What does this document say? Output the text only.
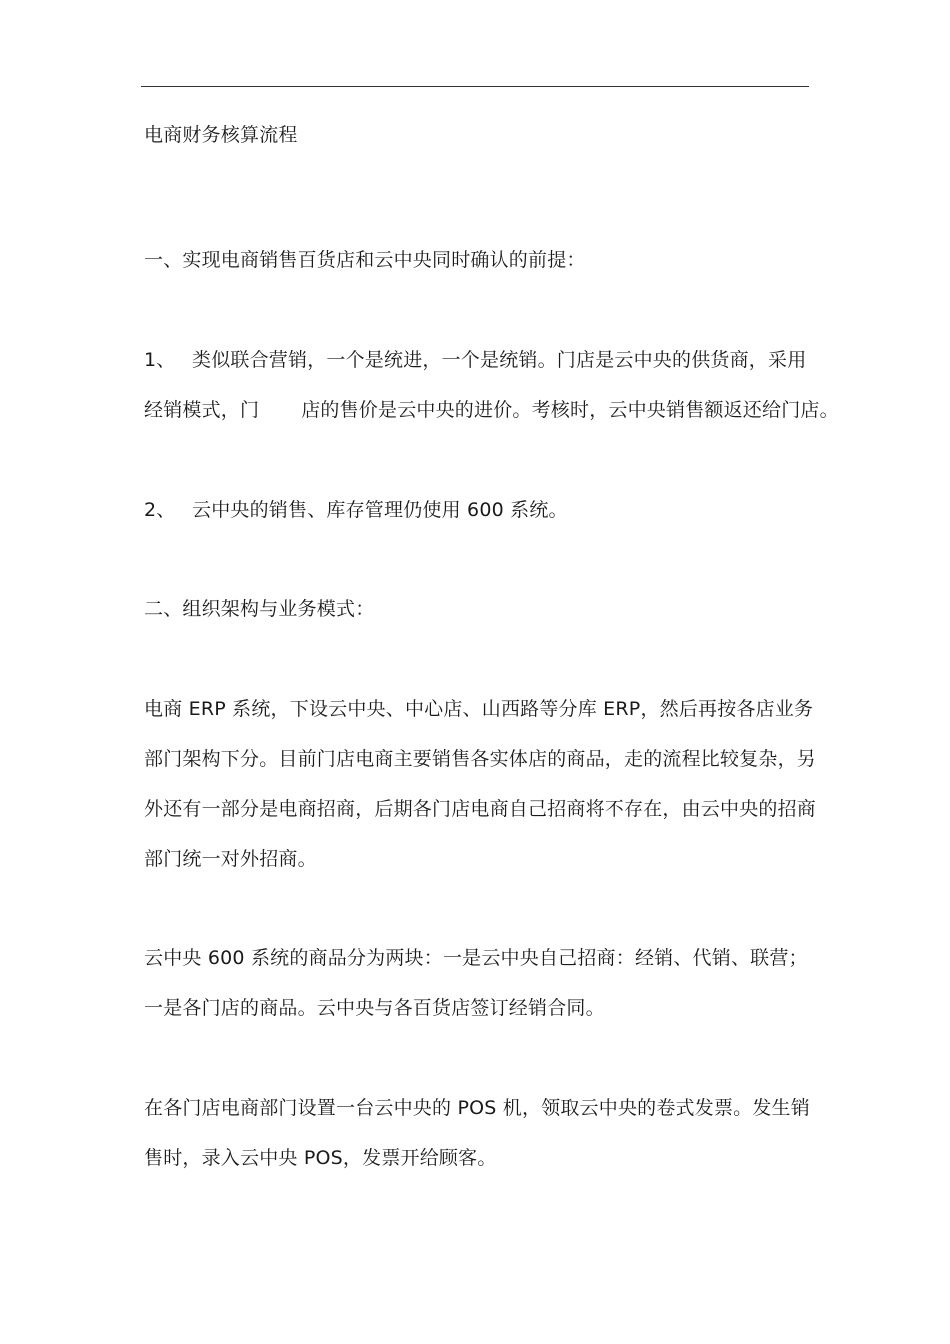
电商财务核算流程
一、实现电商销售百货店和云中央同时确认的前提：
1、 类似联合营销，一个是统进，一个是统销。门店是云中央的供货商，采用
经销模式，门 店的售价是云中央的进价。考核时，云中央销售额返还给门店。
2、 云中央的销售、库存管理仍使用 600 系统。
二、组织架构与业务模式：
电商 ERP 系统，下设云中央、中心店、山西路等分库 ERP，然后再按各店业务
部门架构下分。目前门店电商主要销售各实体店的商品，走的流程比较复杂，另
外还有一部分是电商招商，后期各门店电商自己招商将不存在，由云中央的招商
部门统一对外招商。
云中央 600 系统的商品分为两块：一是云中央自己招商：经销、代销、联营；
一是各门店的商品。云中央与各百货店签订经销合同。
在各门店电商部门设置一台云中央的 POS 机，领取云中央的卷式发票。发生销
售时，录入云中央 POS，发票开给顾客。
